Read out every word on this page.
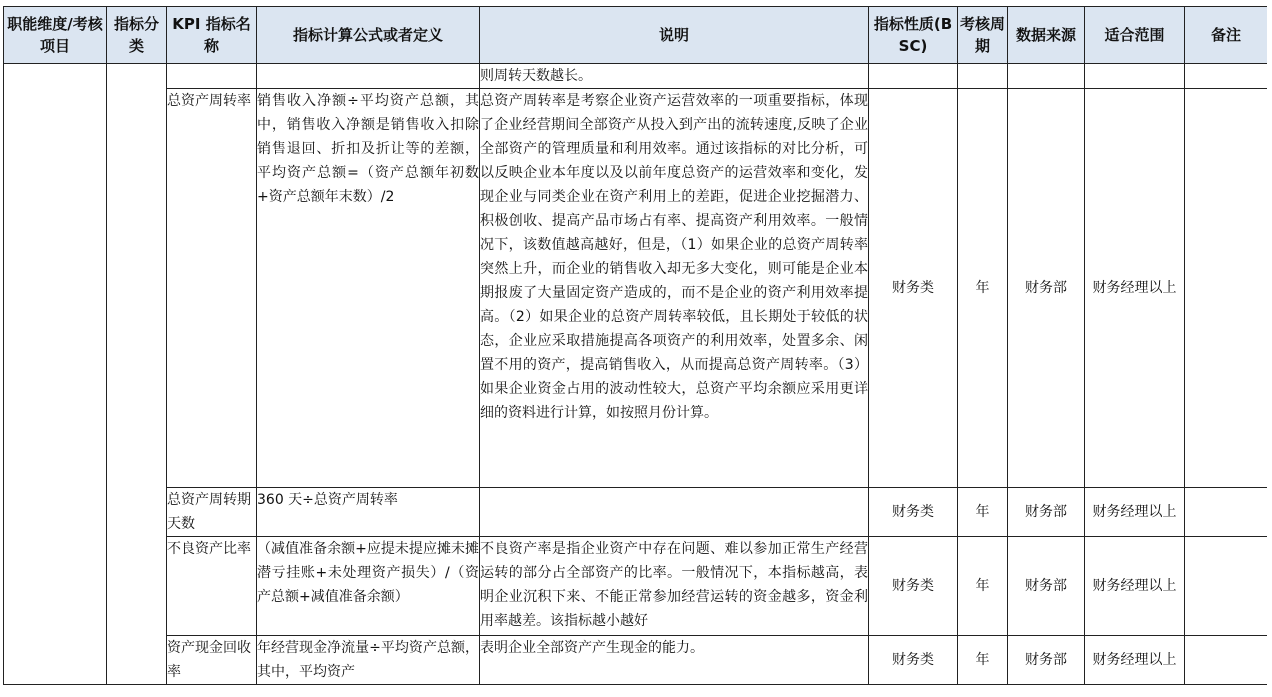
职能维度/考核项目	指标分类	KPI 指标名称	指标计算公式或者定义	说明	指标性质(BSC)	考核周期	数据来源	适合范围	备注
				则周转天数越长。					
		总资产周转率	销售收入净额÷平均资产总额，其中，销售收入净额是销售收入扣除销售退回、折扣及折让等的差额，平均资产总额=（资产总额年初数+资产总额年末数）/2	总资产周转率是考察企业资产运营效率的一项重要指标，体现了企业经营期间全部资产从投入到产出的流转速度,反映了企业全部资产的管理质量和利用效率。通过该指标的对比分析，可以反映企业本年度以及以前年度总资产的运营效率和变化，发现企业与同类企业在资产利用上的差距，促进企业挖掘潜力、积极创收、提高产品市场占有率、提高资产利用效率。一般情况下，该数值越高越好，但是，（1）如果企业的总资产周转率突然上升，而企业的销售收入却无多大变化，则可能是企业本期报废了大量固定资产造成的，而不是企业的资产利用效率提高。（2）如果企业的总资产周转率较低，且长期处于较低的状态，企业应采取措施提高各项资产的利用效率，处置多余、闲置不用的资产，提高销售收入，从而提高总资产周转率。（3）如果企业资金占用的波动性较大，总资产平均余额应采用更详细的资料进行计算，如按照月份计算。	财务类	年	财务部	财务经理以上	
		总资产周转期天数	360 天÷总资产周转率		财务类	年	财务部	财务经理以上	
		不良资产比率	（减值准备余额+应提未提应摊未摊潜亏挂账+未处理资产损失）/（资产总额+减值准备余额）	不良资产率是指企业资产中存在问题、难以参加正常生产经营运转的部分占全部资产的比率。一般情况下，本指标越高，表明企业沉积下来、不能正常参加经营运转的资金越多，资金利用率越差。该指标越小越好	财务类	年	财务部	财务经理以上	
		资产现金回收率	年经营现金净流量÷平均资产总额，其中，平均资产	表明企业全部资产产生现金的能力。	财务类	年	财务部	财务经理以上	
